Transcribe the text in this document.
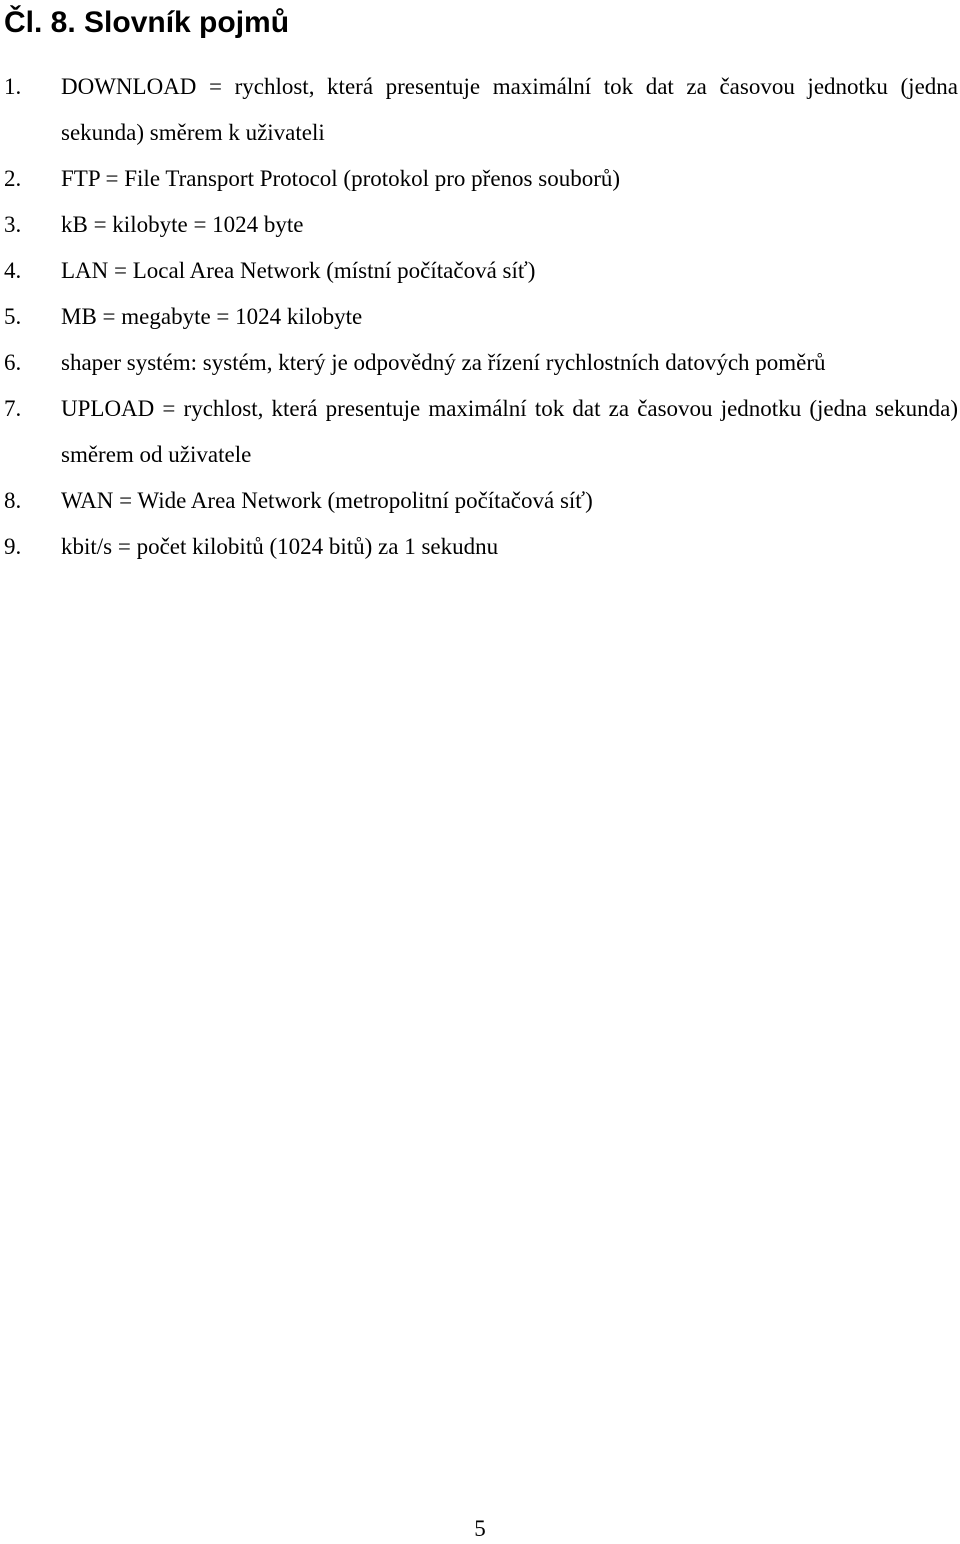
Čl. 8. Slovník pojmů
1. DOWNLOAD = rychlost, která presentuje maximální tok dat za časovou jednotku (jedna sekunda) směrem k uživateli
2. FTP = File Transport Protocol (protokol pro přenos souborů)
3. kB = kilobyte = 1024 byte
4. LAN = Local Area Network (místní počítačová síť)
5. MB = megabyte = 1024 kilobyte
6. shaper systém: systém, který je odpovědný za řízení rychlostních datových poměrů
7. UPLOAD = rychlost, která presentuje maximální tok dat za časovou jednotku (jedna sekunda) směrem od uživatele
8. WAN = Wide Area Network (metropolitní počítačová síť)
9. kbit/s = počet kilobitů (1024 bitů) za 1 sekudnu
5
